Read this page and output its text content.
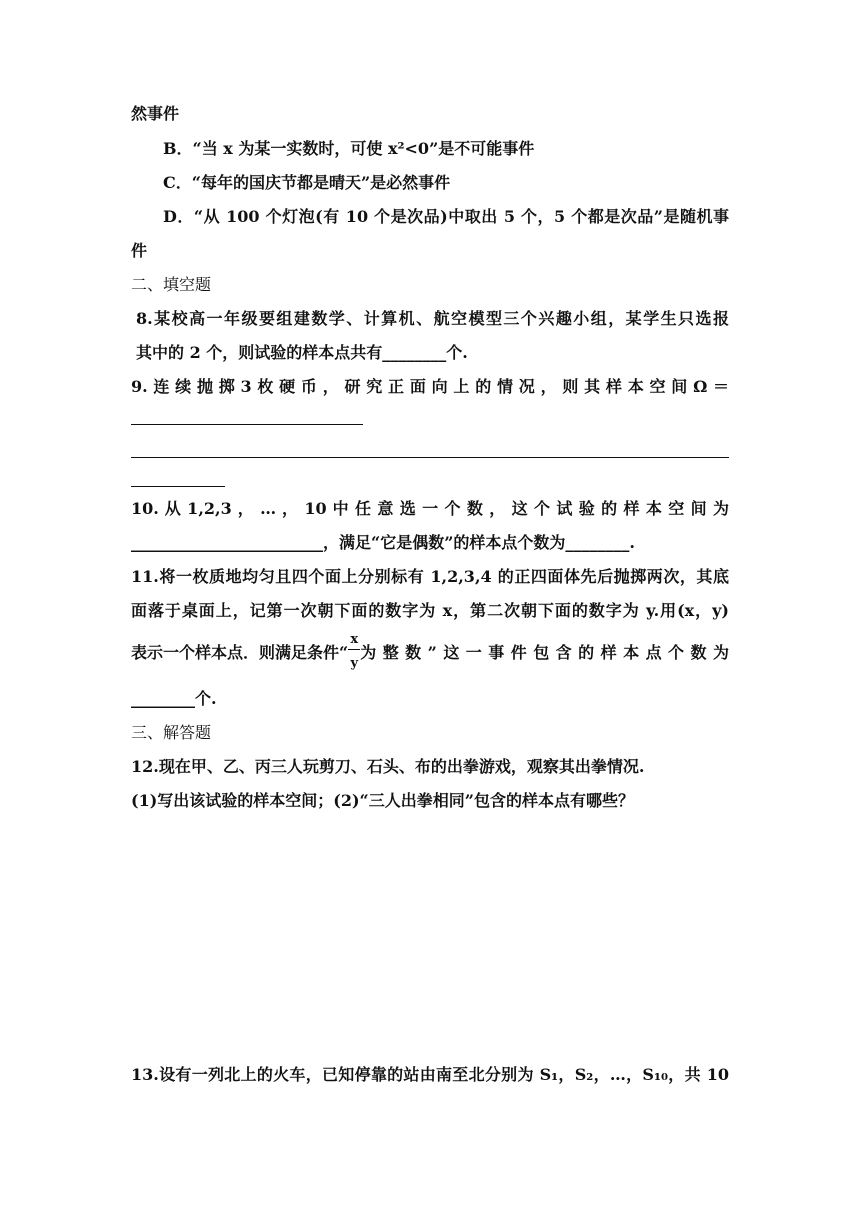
然事件
B．“当 x 为某一实数时，可使 x²<0”是不可能事件
C．“每年的国庆节都是晴天”是必然事件
D．“从 100 个灯泡(有 10 个是次品)中取出 5 个，5 个都是次品”是随机事
件
二、填空题
8.某校高一年级要组建数学、计算机、航空模型三个兴趣小组，某学生只选报
其中的 2 个，则试验的样本点共有________个.
9. 连 续 抛 掷 3 枚 硬 币 ， 研 究 正 面 向 上 的 情 况 ， 则 其 样 本 空 间 Ω ＝
10. 从 1,2,3 ， … ， 10 中 任 意 选 一 个 数 ， 这 个 试 验 的 样 本 空 间 为
________________________，满足“它是偶数”的样本点个数为________.
11.将一枚质地均匀且四个面上分别标有 1,2,3,4 的正四面体先后抛掷两次，其底
面落于桌面上，记第一次朝下面的数字为 x，第二次朝下面的数字为 y.用(x，y)
表示一个样本点．则满足条件“ $\frac{x}{y}$ 为整数”这一事件包含的样本点个数为
________个.
三、解答题
12.现在甲、乙、丙三人玩剪刀、石头、布的出拳游戏，观察其出拳情况.
(1)写出该试验的样本空间；(2)“三人出拳相同”包含的样本点有哪些？
13.设有一列北上的火车，已知停靠的站由南至北分别为 S₁，S₂，…，S₁₀，共 10
